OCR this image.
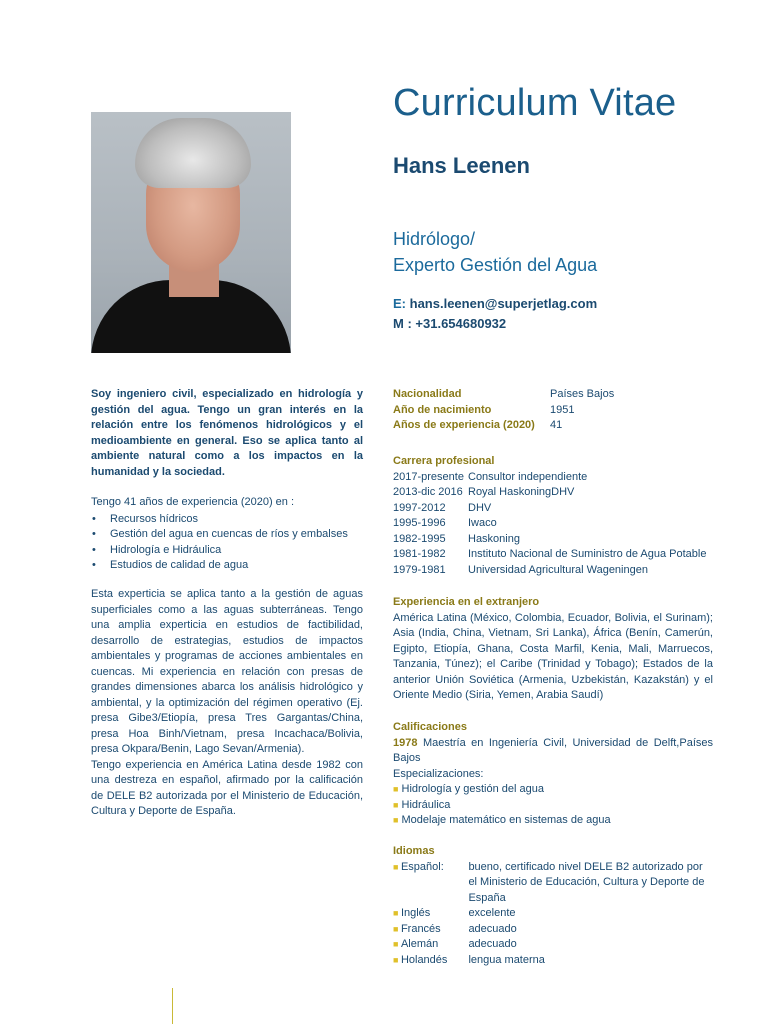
Curriculum Vitae
Hans Leenen
Hidrólogo/
Experto Gestión del Agua
E: hans.leenen@superjetlag.com
M : +31.654680932

Soy ingeniero civil, especializado en hidrología y gestión del agua. Tengo un gran interés en la relación entre los fenómenos hidrológicos y el medioambiente en general. Eso se aplica tanto al ambiente natural como a los impactos en la humanidad y la sociedad.

Tengo 41 años de experiencia (2020) en :
• Recursos hídricos
• Gestión del agua en cuencas de ríos y embalses
• Hidrología e Hidráulica
• Estudios de calidad de agua

Esta experticia se aplica tanto a la gestión de aguas superficiales como a las aguas subterráneas. Tengo una amplia experticia en estudios de factibilidad, desarrollo de estrategias, estudios de impactos ambientales y programas de acciones ambientales en cuencas. Mi experiencia en relación con presas de grandes dimensiones abarca los análisis hidrológico y ambiental, y la optimización del régimen operativo (Ej. presa Gibe3/Etiopía, presa Tres Gargantas/China, presa Hoa Binh/Vietnam, presa Incachaca/Bolivia, presa Okpara/Benin, Lago Sevan/Armenia).

Tengo experiencia en América Latina desde 1982 con una destreza en español, afirmado por la calificación de DELE B2 autorizada por el Ministerio de Educación, Cultura y Deporte de España.

Nacionalidad	Países Bajos
Año de nacimiento	1951
Años de experiencia (2020)	41
Carrera profesional
2017-presente Consultor independiente
2013-dic 2016 Royal HaskoningDHV
1997-2012	DHV
1995-1996	Iwaco
1982-1995	Haskoning
1981-1982	Instituto Nacional de Suministro de Agua Potable
1979-1981	Universidad Agricultural Wageningen
Experiencia en el extranjero

América Latina (México, Colombia, Ecuador, Bolivia, el Surinam); Asia (India, China, Vietnam, Sri Lanka), África (Benín, Camerún, Egipto, Etiopía, Ghana, Costa Marfil, Kenia, Mali, Marruecos, Tanzania, Túnez); el Caribe (Trinidad y Tobago); Estados de la anterior Unión Soviética (Armenia, Uzbekistán, Kazakstán) y el Oriente Medio (Siria, Yemen, Arabia Saudí)

Calificaciones

1978 Maestría en Ingeniería Civil, Universidad de Delft,Países Bajos

Especializaciones:
■ Hidrología y gestión del agua
■ Hidráulica
■ Modelaje matemático en sistemas de agua
Idiomas
■ Español:	bueno, certificado nivel DELE B2 autorizado por el Ministerio de Educación, Cultura y Deporte de España
■ Inglés	excelente
■ Francés	adecuado
■ Alemán	adecuado
■ Holandés	lengua materna
